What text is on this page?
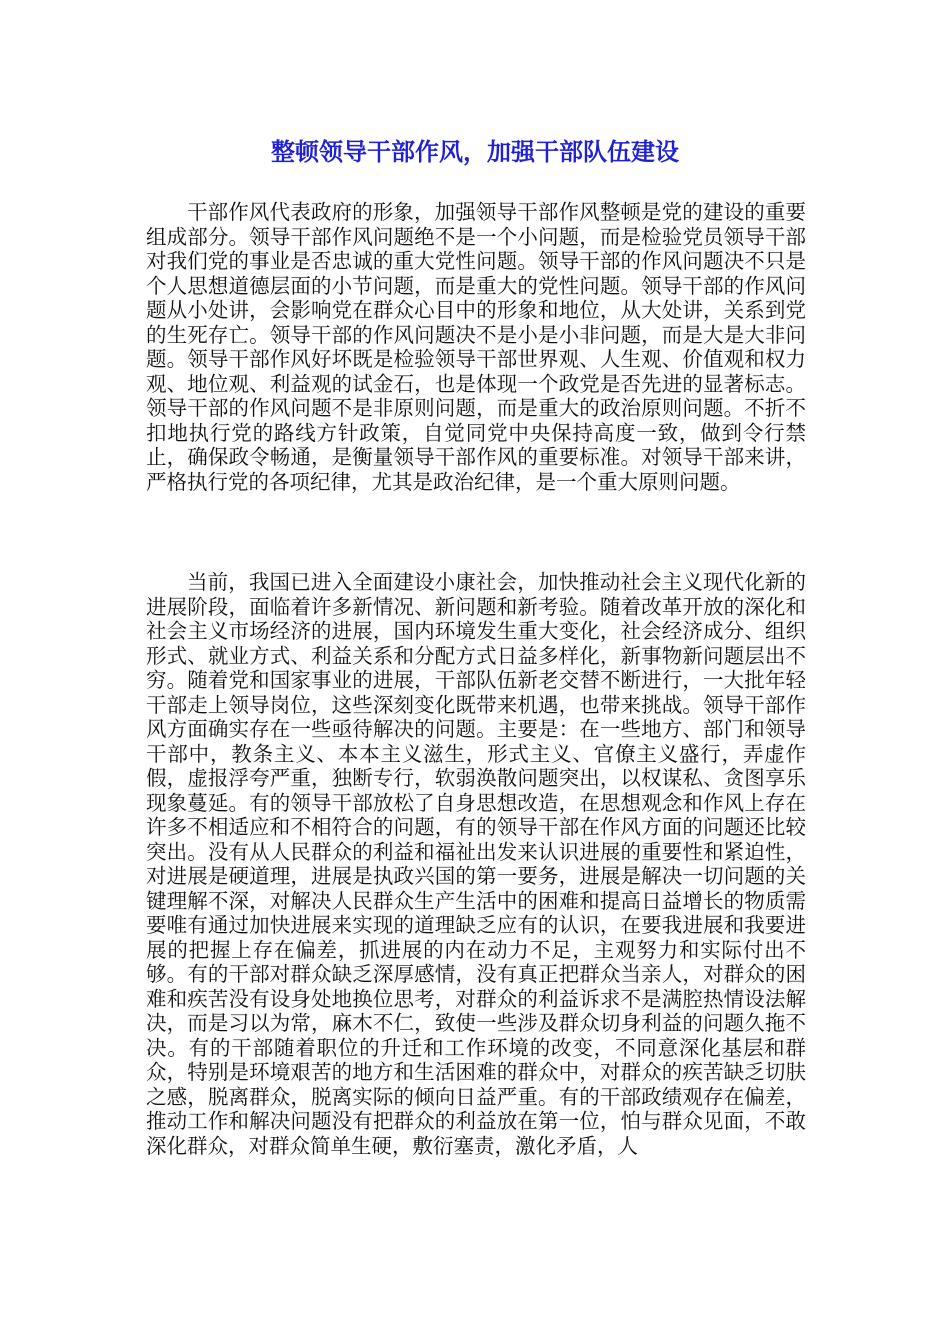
整顿领导干部作风，加强干部队伍建设

干部作风代表政府的形象，加强领导干部作风整顿是党的建设的重要组成部分。领导干部作风问题绝不是一个小问题，而是检验党员领导干部对我们党的事业是否忠诚的重大党性问题。领导干部的作风问题决不只是个人思想道德层面的小节问题，而是重大的党性问题。领导干部的作风问题从小处讲，会影响党在群众心目中的形象和地位，从大处讲，关系到党的生死存亡。领导干部的作风问题决不是小是小非问题，而是大是大非问题。领导干部作风好坏既是检验领导干部世界观、人生观、价值观和权力观、地位观、利益观的试金石，也是体现一个政党是否先进的显著标志。领导干部的作风问题不是非原则问题，而是重大的政治原则问题。不折不扣地执行党的路线方针政策，自觉同党中央保持高度一致，做到令行禁止，确保政令畅通，是衡量领导干部作风的重要标准。对领导干部来讲，严格执行党的各项纪律，尤其是政治纪律，是一个重大原则问题。

当前，我国已进入全面建设小康社会，加快推动社会主义现代化新的进展阶段，面临着许多新情况、新问题和新考验。随着改革开放的深化和社会主义市场经济的进展，国内环境发生重大变化，社会经济成分、组织形式、就业方式、利益关系和分配方式日益多样化，新事物新问题层出不穷。随着党和国家事业的进展，干部队伍新老交替不断进行，一大批年轻干部走上领导岗位，这些深刻变化既带来机遇，也带来挑战。领导干部作风方面确实存在一些亟待解决的问题。主要是：在一些地方、部门和领导干部中，教条主义、本本主义滋生，形式主义、官僚主义盛行，弄虚作假，虚报浮夸严重，独断专行，软弱涣散问题突出，以权谋私、贪图享乐现象蔓延。有的领导干部放松了自身思想改造，在思想观念和作风上存在许多不相适应和不相符合的问题，有的领导干部在作风方面的问题还比较突出。没有从人民群众的利益和福祉出发来认识进展的重要性和紧迫性，对进展是硬道理，进展是执政兴国的第一要务，进展是解决一切问题的关键理解不深，对解决人民群众生产生活中的困难和提高日益增长的物质需要唯有通过加快进展来实现的道理缺乏应有的认识，在要我进展和我要进展的把握上存在偏差，抓进展的内在动力不足，主观努力和实际付出不够。有的干部对群众缺乏深厚感情，没有真正把群众当亲人，对群众的困难和疾苦没有设身处地换位思考，对群众的利益诉求不是满腔热情设法解决，而是习以为常，麻木不仁，致使一些涉及群众切身利益的问题久拖不决。有的干部随着职位的升迁和工作环境的改变，不同意深化基层和群众，特别是环境艰苦的地方和生活困难的群众中，对群众的疾苦缺乏切肤之感，脱离群众，脱离实际的倾向日益严重。有的干部政绩观存在偏差，推动工作和解决问题没有把群众的利益放在第一位，怕与群众见面，不敢深化群众，对群众简单生硬，敷衍塞责，激化矛盾，人
